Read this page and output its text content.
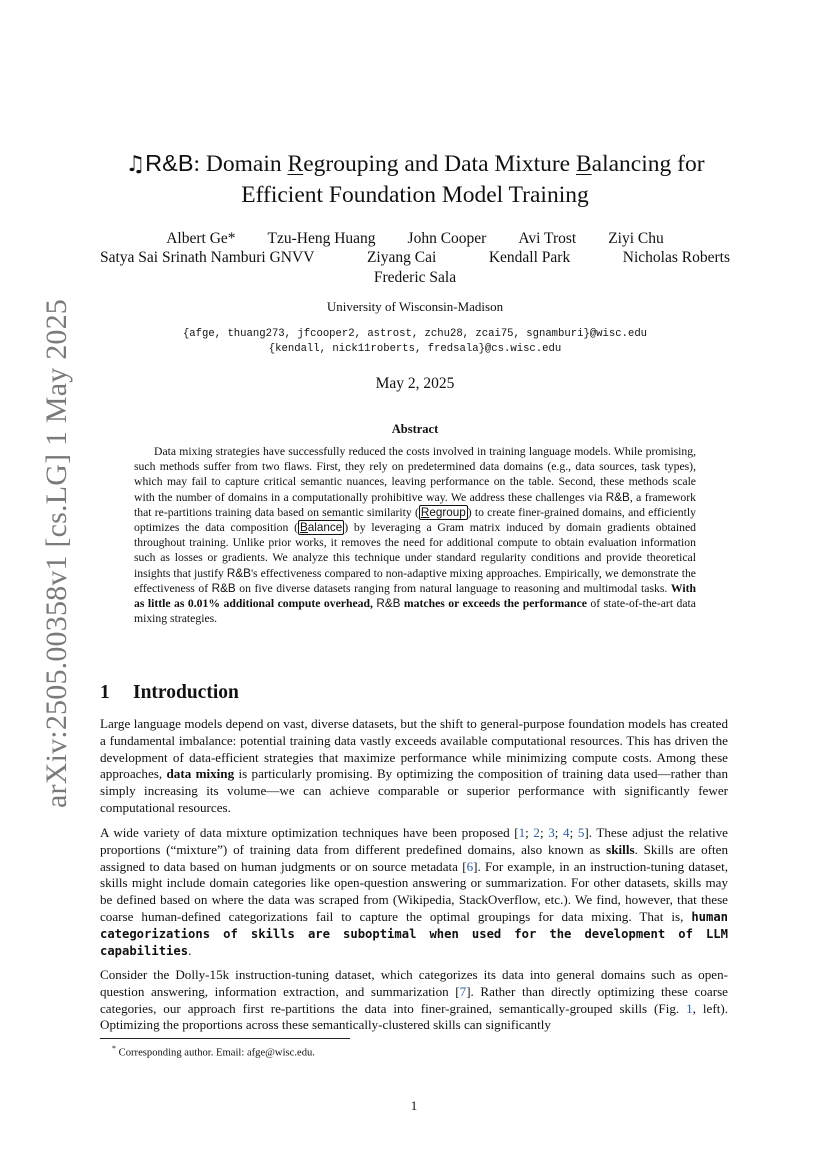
arXiv:2505.00358v1 [cs.LG] 1 May 2025
♫R&B: Domain Regrouping and Data Mixture Balancing for
Efficient Foundation Model Training
Albert Ge* Tzu-Heng Huang John Cooper Avi Trost Ziyi Chu
Satya Sai Srinath Namburi GNVV	Ziyang Cai	Kendall Park	Nicholas Roberts
Frederic Sala
University of Wisconsin-Madison
{afge, thuang273, jfcooper2, astrost, zchu28, zcai75, sgnamburi}@wisc.edu
{kendall, nick11roberts, fredsala}@cs.wisc.edu
May 2, 2025
Abstract
Data mixing strategies have successfully reduced the costs involved in training language models. While promising, such methods suffer from two flaws. First, they rely on predetermined data domains (e.g., data sources, task types), which may fail to capture critical semantic nuances, leaving performance on the table. Second, these methods scale with the number of domains in a computationally prohibitive way. We address these challenges via R&B, a framework that re-partitions training data based on semantic similarity ( Regroup ) to create finer-grained domains, and efficiently optimizes the data composition ( Balance ) by leveraging a Gram matrix induced by domain gradients obtained throughout training. Unlike prior works, it removes the need for additional compute to obtain evaluation information such as losses or gradients. We analyze this technique under standard regularity conditions and provide theoretical insights that justify R&B's effectiveness compared to non-adaptive mixing approaches. Empirically, we demonstrate the effectiveness of R&B on five diverse datasets ranging from natural language to reasoning and multimodal tasks. With as little as 0.01% additional compute overhead, R&B matches or exceeds the performance of state-of-the-art data mixing strategies.
1 Introduction
Large language models depend on vast, diverse datasets, but the shift to general-purpose foundation models has created a fundamental imbalance: potential training data vastly exceeds available computational resources. This has driven the development of data-efficient strategies that maximize performance while minimizing compute costs. Among these approaches, data mixing is particularly promising. By optimizing the composition of training data used—rather than simply increasing its volume—we can achieve comparable or superior performance with significantly fewer computational resources.
A wide variety of data mixture optimization techniques have been proposed [1; 2; 3; 4; 5]. These adjust the relative proportions (“mixture”) of training data from different predefined domains, also known as skills. Skills are often assigned to data based on human judgments or on source metadata [6]. For example, in an instruction-tuning dataset, skills might include domain categories like open-question answering or summarization. For other datasets, skills may be defined based on where the data was scraped from (Wikipedia, StackOverflow, etc.). We find, however, that these coarse human-defined categorizations fail to capture the optimal groupings for data mixing. That is, human categorizations of skills are suboptimal when used for the development of LLM capabilities.
Consider the Dolly-15k instruction-tuning dataset, which categorizes its data into general domains such as open-question answering, information extraction, and summarization [7]. Rather than directly optimizing these coarse categories, our approach first re-partitions the data into finer-grained, semantically-grouped skills (Fig. 1, left). Optimizing the proportions across these semantically-clustered skills can significantly
* Corresponding author. Email: afge@wisc.edu.
1
